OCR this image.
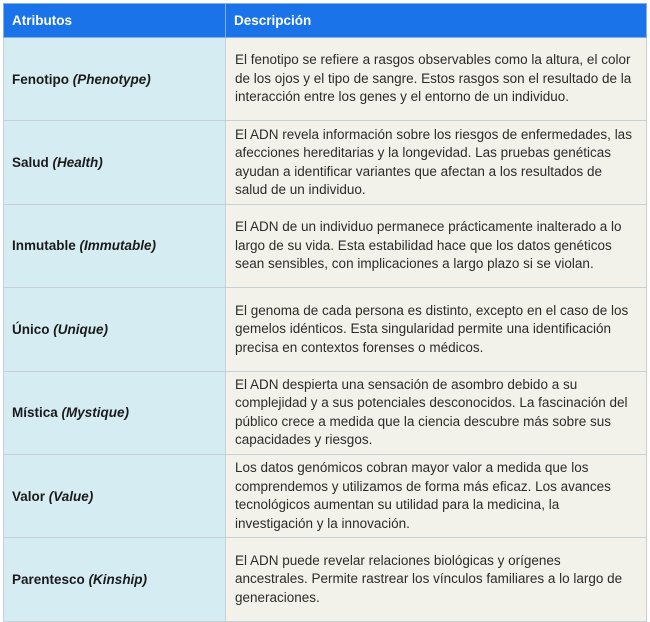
Atributos	Descripción
Fenotipo (Phenotype)	El fenotipo se refiere a rasgos observables como la altura, el color de los ojos y el tipo de sangre. Estos rasgos son el resultado de la interacción entre los genes y el entorno de un individuo.
Salud (Health)	El ADN revela información sobre los riesgos de enfermedades, las afecciones hereditarias y la longevidad. Las pruebas genéticas ayudan a identificar variantes que afectan a los resultados de salud de un individuo.
Inmutable (Immutable)	El ADN de un individuo permanece prácticamente inalterado a lo largo de su vida. Esta estabilidad hace que los datos genéticos sean sensibles, con implicaciones a largo plazo si se violan.
Único (Unique)	El genoma de cada persona es distinto, excepto en el caso de los gemelos idénticos. Esta singularidad permite una identificación precisa en contextos forenses o médicos.
Mística (Mystique)	El ADN despierta una sensación de asombro debido a su complejidad y a sus potenciales desconocidos. La fascinación del público crece a medida que la ciencia descubre más sobre sus capacidades y riesgos.
Valor (Value)	Los datos genómicos cobran mayor valor a medida que los comprendemos y utilizamos de forma más eficaz. Los avances tecnológicos aumentan su utilidad para la medicina, la investigación y la innovación.
Parentesco (Kinship)	El ADN puede revelar relaciones biológicas y orígenes ancestrales. Permite rastrear los vínculos familiares a lo largo de generaciones.
